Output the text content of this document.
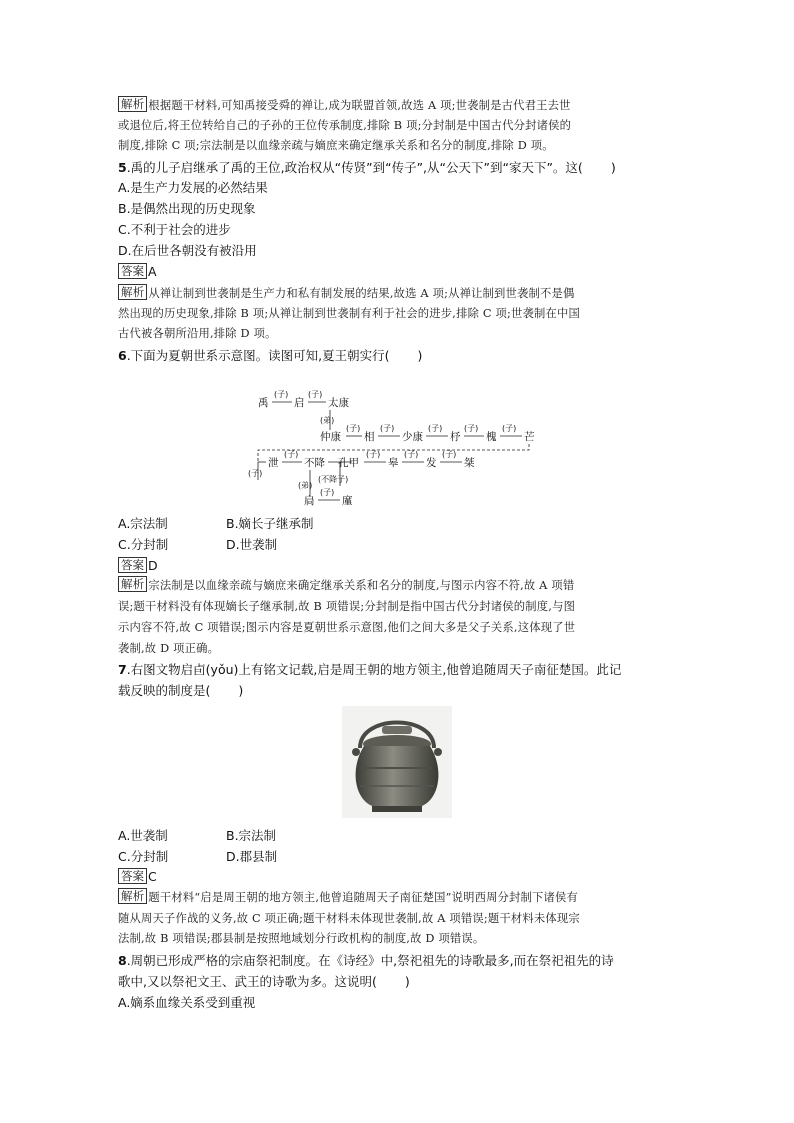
解析 根据题干材料,可知禹接受舜的禅让,成为联盟首领,故选 A 项;世袭制是古代君王去世
或退位后,将王位转给自己的子孙的王位传承制度,排除 B 项;分封制是中国古代分封诸侯的
制度,排除 C 项;宗法制是以血缘亲疏与嫡庶来确定继承关系和名分的制度,排除 D 项。
5.禹的儿子启继承了禹的王位,政治权从“传贤”到“传子”,从“公天下”到“家天下”。这( )
A.是生产力发展的必然结果
B.是偶然出现的历史现象
C.不利于社会的进步
D.在后世各朝没有被沿用
答案 A
解析 从禅让制到世袭制是生产力和私有制发展的结果,故选 A 项;从禅让制到世袭制不是偶
然出现的历史现象,排除 B 项;从禅让制到世袭制有利于社会的进步,排除 C 项;世袭制在中国
古代被各朝所沿用,排除 D 项。
6.下面为夏朝世系示意图。读图可知,夏王朝实行( )
禹
(子)
启
(子)
太康
(弟)
仲康
(子)
相
(子)
少康
(子)
杼
(子)
槐
(子)
芒
(子)
泄
(子)
不降
(弟)
孔甲
(子)
皋
(子)
发
(子)
桀
(不降子)
扃
(子)
廑
A.宗法制	B.嫡长子继承制
C.分封制	D.世袭制
答案 D
解析 宗法制是以血缘亲疏与嫡庶来确定继承关系和名分的制度,与图示内容不符,故 A 项错
误;题干材料没有体现嫡长子继承制,故 B 项错误;分封制是指中国古代分封诸侯的制度,与图
示内容不符,故 C 项错误;图示内容是夏朝世系示意图,他们之间大多是父子关系,这体现了世
袭制,故 D 项正确。
7.右图文物启卣(yǒu)上有铭文记载,启是周王朝的地方领主,他曾追随周天子南征楚国。此记
载反映的制度是( )
A.世袭制	B.宗法制
C.分封制	D.郡县制
答案 C
解析 题干材料“启是周王朝的地方领主,他曾追随周天子南征楚国”说明西周分封制下诸侯有
随从周天子作战的义务,故 C 项正确;题干材料未体现世袭制,故 A 项错误;题干材料未体现宗
法制,故 B 项错误;郡县制是按照地域划分行政机构的制度,故 D 项错误。
8.周朝已形成严格的宗庙祭祀制度。在《诗经》中,祭祀祖先的诗歌最多,而在祭祀祖先的诗
歌中,又以祭祀文王、武王的诗歌为多。这说明( )
A.嫡系血缘关系受到重视
